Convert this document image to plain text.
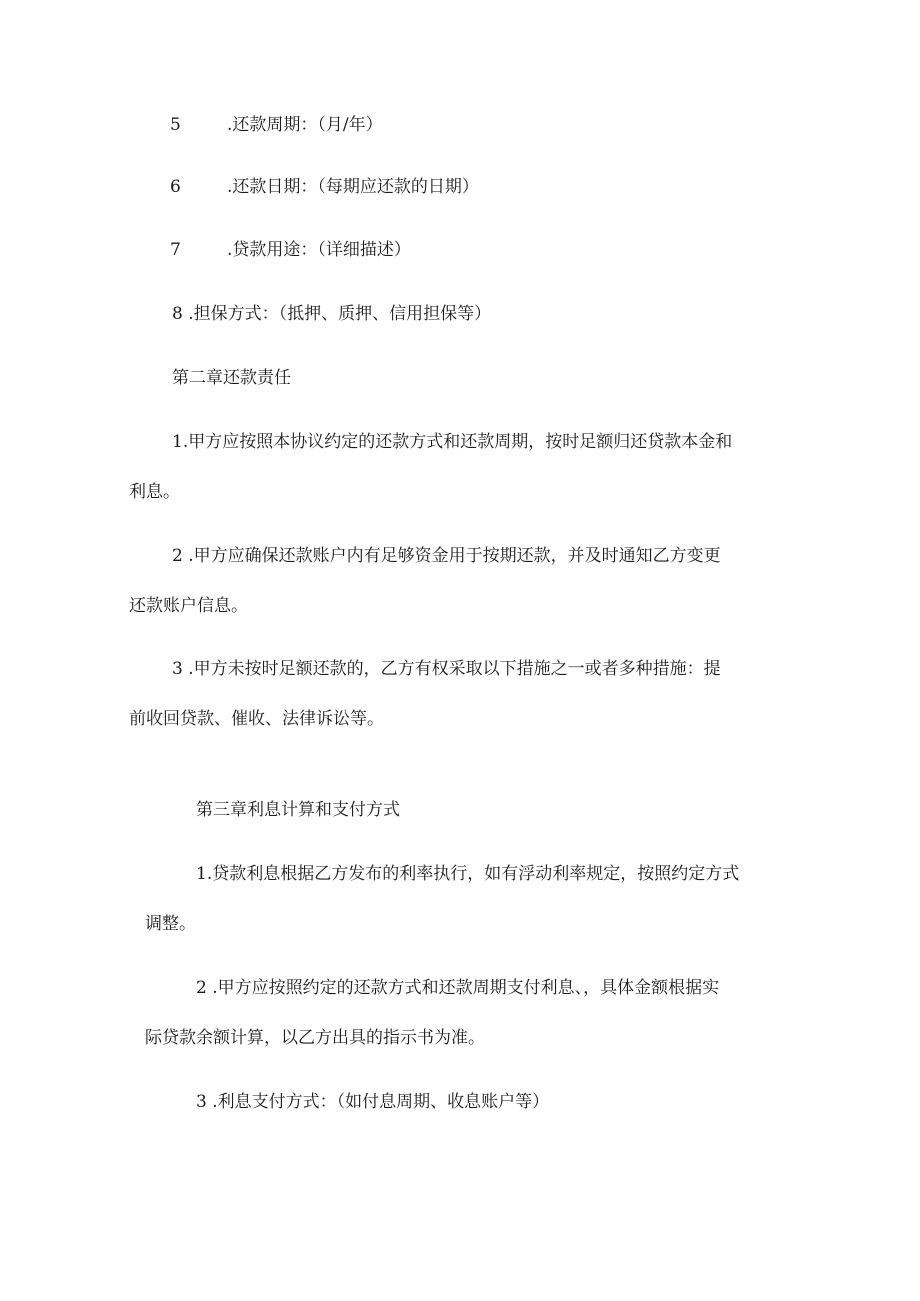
5	.还款周期：（月/年）
6	.还款日期：（每期应还款的日期）
7	.贷款用途：（详细描述）
8 .担保方式：（抵押、质押、信用担保等）
第二章还款责任
1.甲方应按照本协议约定的还款方式和还款周期，按时足额归还贷款本金和
利息。
2 .甲方应确保还款账户内有足够资金用于按期还款，并及时通知乙方变更
还款账户信息。
3 .甲方未按时足额还款的，乙方有权采取以下措施之一或者多种措施：提
前收回贷款、催收、法律诉讼等。
第三章利息计算和支付方式
1.贷款利息根据乙方发布的利率执行，如有浮动利率规定，按照约定方式
调整。
2 .甲方应按照约定的还款方式和还款周期支付利息、，具体金额根据实
际贷款余额计算，以乙方出具的指示书为准。
3 .利息支付方式：（如付息周期、收息账户等）
